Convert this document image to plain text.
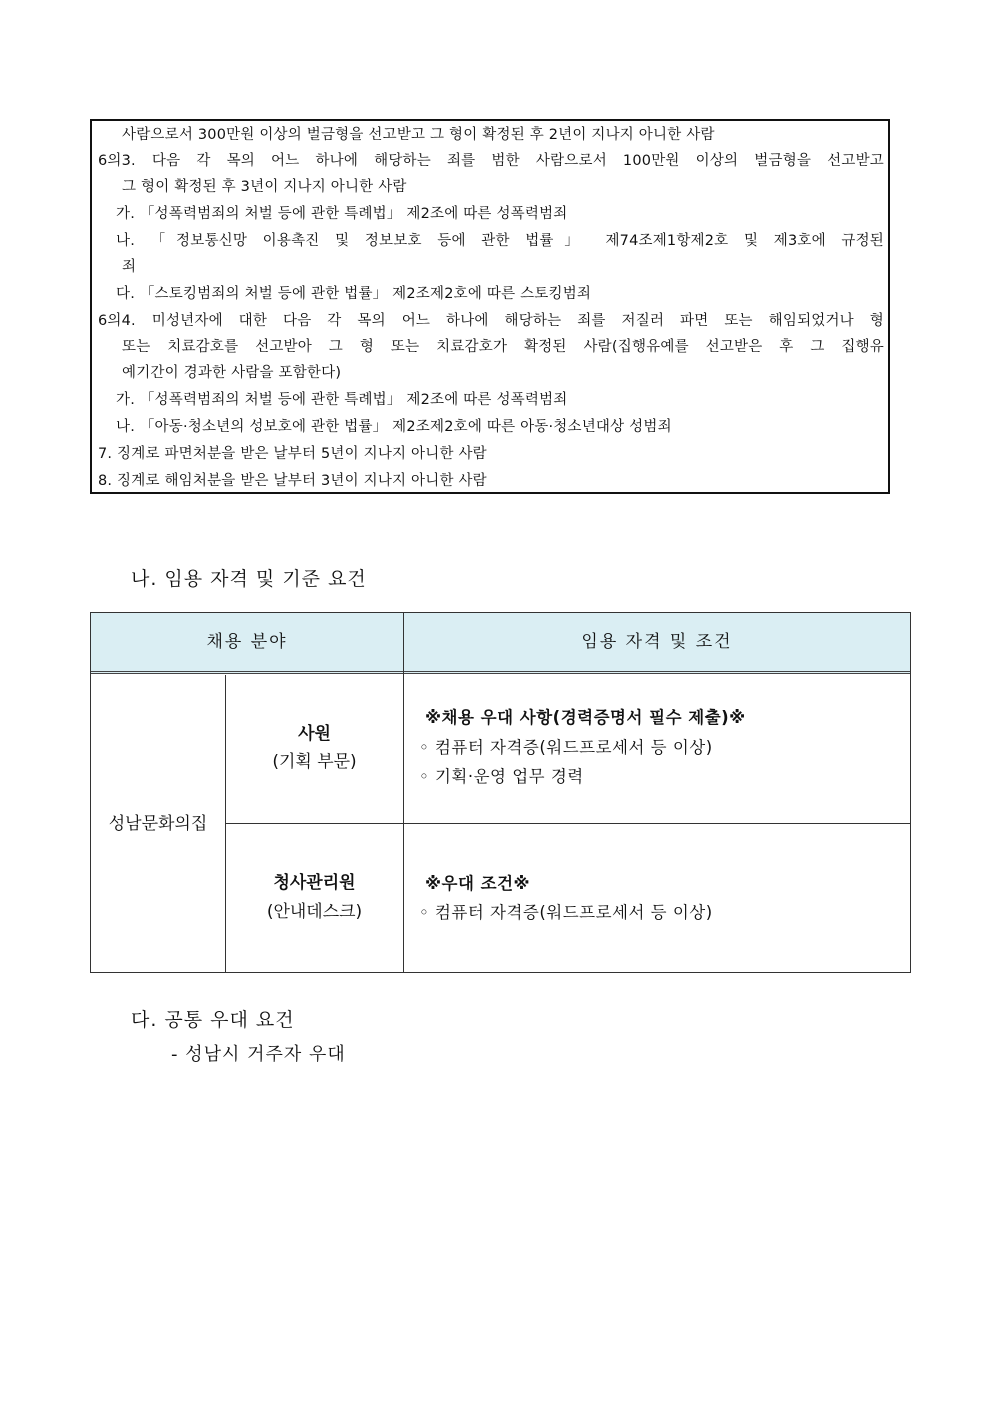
사람으로서 300만원 이상의 벌금형을 선고받고 그 형이 확정된 후 2년이 지나지 아니한 사람
6의3. 다음 각 목의 어느 하나에 해당하는 죄를 범한 사람으로서 100만원 이상의 벌금형을 선고받고
그 형이 확정된 후 3년이 지나지 아니한 사람
가. 「성폭력범죄의 처벌 등에 관한 특례법」 제2조에 따른 성폭력범죄
나. 「정보통신망 이용촉진 및 정보보호 등에 관한 법률」 제74조제1항제2호 및 제3호에 규정된
죄
다. 「스토킹범죄의 처벌 등에 관한 법률」 제2조제2호에 따른 스토킹범죄
6의4. 미성년자에 대한 다음 각 목의 어느 하나에 해당하는 죄를 저질러 파면 또는 해임되었거나 형
또는 치료감호를 선고받아 그 형 또는 치료감호가 확정된 사람(집행유예를 선고받은 후 그 집행유
예기간이 경과한 사람을 포함한다)
가. 「성폭력범죄의 처벌 등에 관한 특례법」 제2조에 따른 성폭력범죄
나. 「아동·청소년의 성보호에 관한 법률」 제2조제2호에 따른 아동·청소년대상 성범죄
7. 징계로 파면처분을 받은 날부터 5년이 지나지 아니한 사람
8. 징계로 해임처분을 받은 날부터 3년이 지나지 아니한 사람
나. 임용 자격 및 기준 요건
채용 분야	임용 자격 및 조건
성남문화의집
사원
(기획 부문)
※채용 우대 사항(경력증명서 필수 제출)※
◦ 컴퓨터 자격증(워드프로세서 등 이상)
◦ 기획·운영 업무 경력
청사관리원
(안내데스크)
※우대 조건※
◦ 컴퓨터 자격증(워드프로세서 등 이상)
다. 공통 우대 요건
- 성남시 거주자 우대
